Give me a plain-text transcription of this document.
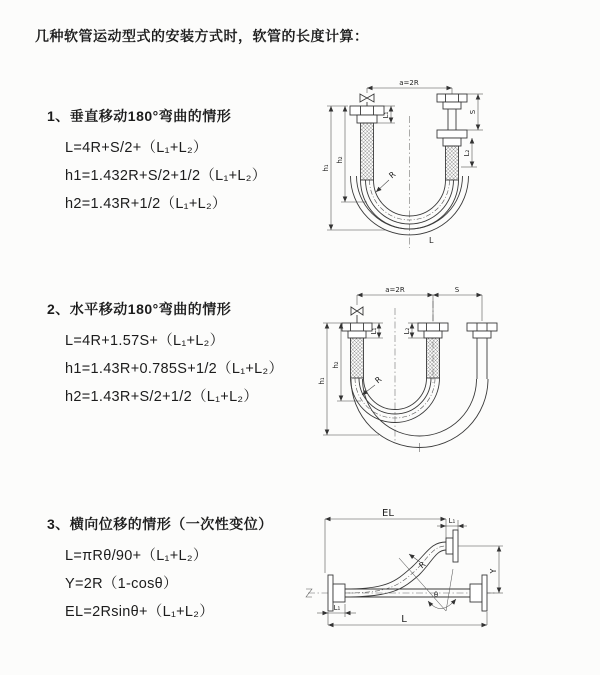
几种软管运动型式的安装方式时，软管的长度计算：
1、垂直移动180°弯曲的情形
L=4R+S/2+（L₁+L₂）
h1=1.432R+S/2+1/2（L₁+L₂）
h2=1.43R+1/2（L₁+L₂）
2、水平移动180°弯曲的情形
L=4R+1.57S+（L₁+L₂）
h1=1.43R+0.785S+1/2（L₁+L₂）
h2=1.43R+S/2+1/2（L₁+L₂）
3、横向位移的情形（一次性变位）
L=πRθ/90+（L₁+L₂）
Y=2R（1-cosθ）
EL=2Rsinθ+（L₁+L₂）
a=2R
L₁
h₁
h₂
S
L₂
R
L
a=2R	S
L₁	L₂
h₁
h₂
R
EL
L₁
Y
R
θ
L₁
L
